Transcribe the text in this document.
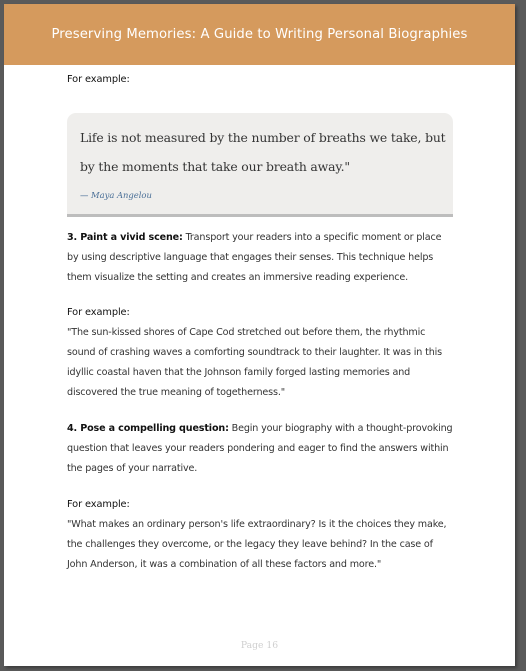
Preserving Memories: A Guide to Writing Personal Biographies
For example:
Life is not measured by the number of breaths we take, but by the moments that take our breath away."
— Maya Angelou
3. Paint a vivid scene: Transport your readers into a specific moment or place by using descriptive language that engages their senses. This technique helps them visualize the setting and creates an immersive reading experience.
For example:
"The sun-kissed shores of Cape Cod stretched out before them, the rhythmic sound of crashing waves a comforting soundtrack to their laughter. It was in this idyllic coastal haven that the Johnson family forged lasting memories and discovered the true meaning of togetherness."
4. Pose a compelling question: Begin your biography with a thought-provoking question that leaves your readers pondering and eager to find the answers within the pages of your narrative.
For example:
"What makes an ordinary person's life extraordinary? Is it the choices they make, the challenges they overcome, or the legacy they leave behind? In the case of John Anderson, it was a combination of all these factors and more."
Page 16
